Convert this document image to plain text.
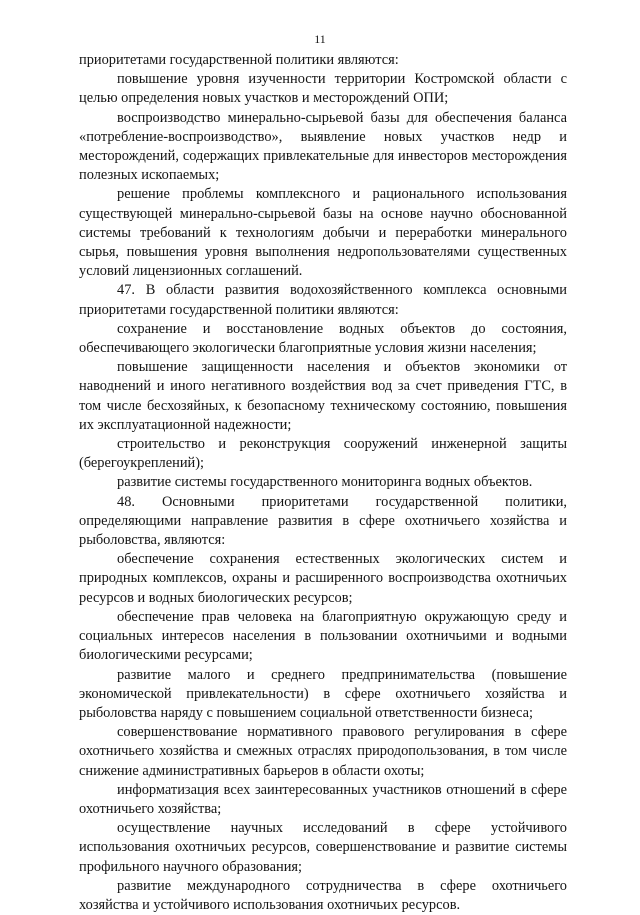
11

приоритетами государственной политики являются:

повышение уровня изученности территории Костромской области с целью определения новых участков и месторождений ОПИ;

воспроизводство минерально-сырьевой базы для обеспечения баланса «потребление-воспроизводство», выявление новых участков недр и месторождений, содержащих привлекательные для инвесторов месторождения полезных ископаемых;

решение проблемы комплексного и рационального использования существующей минерально-сырьевой базы на основе научно обоснованной системы требований к технологиям добычи и переработки минерального сырья, повышения уровня выполнения недропользователями существенных условий лицензионных соглашений.

47. В области развития водохозяйственного комплекса основными приоритетами государственной политики являются:

сохранение и восстановление водных объектов до состояния, обеспечивающего экологически благоприятные условия жизни населения;

повышение защищенности населения и объектов экономики от наводнений и иного негативного воздействия вод за счет приведения ГТС, в том числе бесхозяйных, к безопасному техническому состоянию, повышения их эксплуатационной надежности;

строительство и реконструкция сооружений инженерной защиты (берегоукреплений);

развитие системы государственного мониторинга водных объектов.

48. Основными приоритетами государственной политики, определяющими направление развития в сфере охотничьего хозяйства и рыболовства, являются:

обеспечение сохранения естественных экологических систем и природных комплексов, охраны и расширенного воспроизводства охотничьих ресурсов и водных биологических ресурсов;

обеспечение прав человека на благоприятную окружающую среду и социальных интересов населения в пользовании охотничьими и водными биологическими ресурсами;

развитие малого и среднего предпринимательства (повышение экономической привлекательности) в сфере охотничьего хозяйства и рыболовства наряду с повышением социальной ответственности бизнеса;

совершенствование нормативного правового регулирования в сфере охотничьего хозяйства и смежных отраслях природопользования, в том числе снижение административных барьеров в области охоты;

информатизация всех заинтересованных участников отношений в сфере охотничьего хозяйства;

осуществление научных исследований в сфере устойчивого использования охотничьих ресурсов, совершенствование и развитие системы профильного научного образования;

развитие международного сотрудничества в сфере охотничьего хозяйства и устойчивого использования охотничьих ресурсов.
